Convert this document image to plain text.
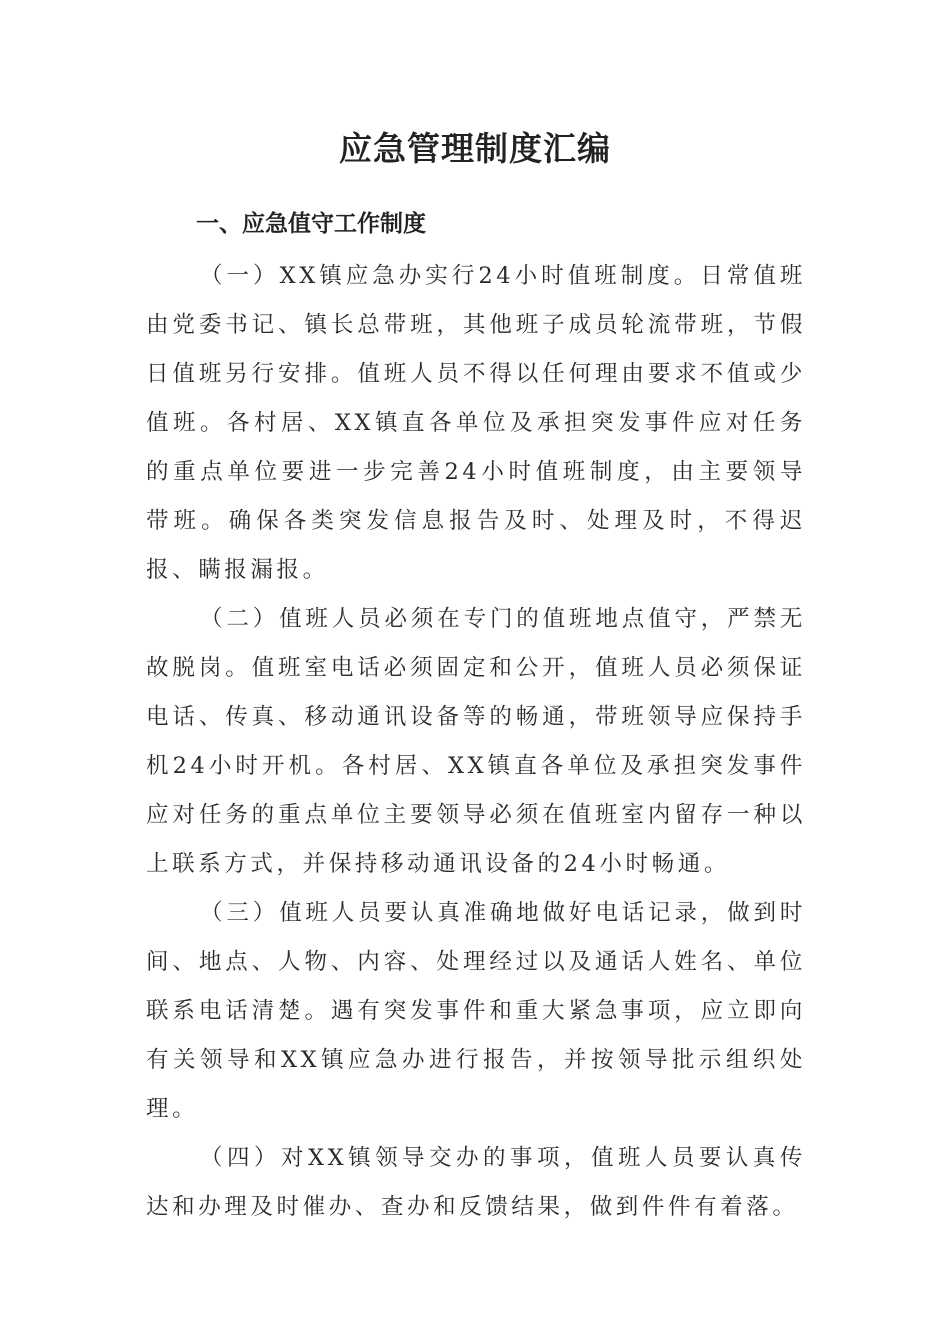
应急管理制度汇编
一、应急值守工作制度

（一）XX镇应急办实行24小时值班制度。日常值班由党委书记、镇长总带班，其他班子成员轮流带班，节假日值班另行安排。值班人员不得以任何理由要求不值或少值班。各村居、XX镇直各单位及承担突发事件应对任务的重点单位要进一步完善24小时值班制度，由主要领导带班。确保各类突发信息报告及时、处理及时，不得迟报、瞒报漏报。

（二）值班人员必须在专门的值班地点值守，严禁无故脱岗。值班室电话必须固定和公开，值班人员必须保证电话、传真、移动通讯设备等的畅通，带班领导应保持手机24小时开机。各村居、XX镇直各单位及承担突发事件应对任务的重点单位主要领导必须在值班室内留存一种以上联系方式，并保持移动通讯设备的24小时畅通。

（三）值班人员要认真准确地做好电话记录，做到时间、地点、人物、内容、处理经过以及通话人姓名、单位联系电话清楚。遇有突发事件和重大紧急事项，应立即向有关领导和XX镇应急办进行报告，并按领导批示组织处理。

（四）对XX镇领导交办的事项，值班人员要认真传达和办理及时催办、查办和反馈结果，做到件件有着落。
